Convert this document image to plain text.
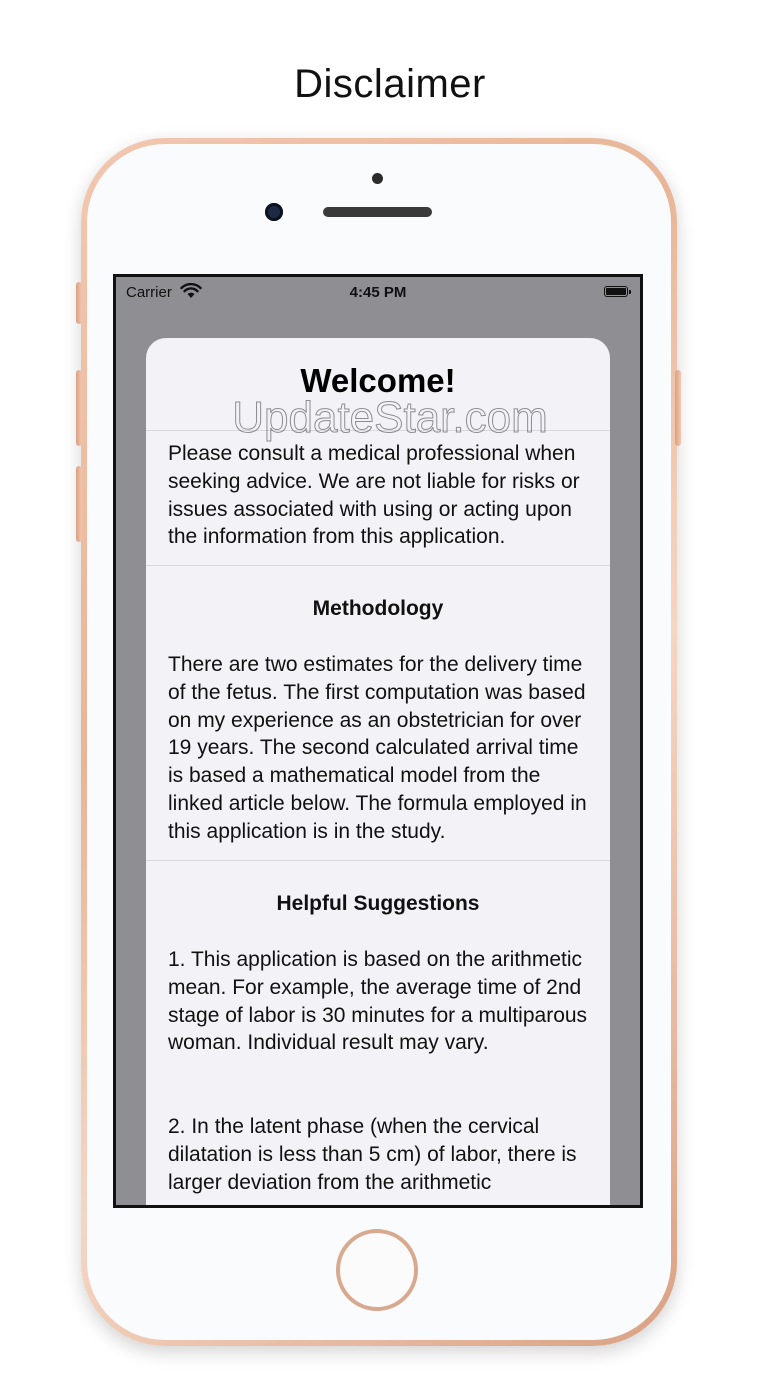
Disclaimer
Carrier	4:45 PM
Welcome!
Please consult a medical professional when seeking advice. We are not liable for risks or issues associated with using or acting upon the information from this application.
Methodology
There are two estimates for the delivery time of the fetus. The first computation was based on my experience as an obstetrician for over 19 years. The second calculated arrival time is based a mathematical model from the linked article below. The formula employed in this application is in the study.
Helpful Suggestions
1. This application is based on the arithmetic mean. For example, the average time of 2nd stage of labor is 30 minutes for a multiparous woman. Individual result may vary.
2. In the latent phase (when the cervical dilatation is less than 5 cm) of labor, there is larger deviation from the arithmetic
